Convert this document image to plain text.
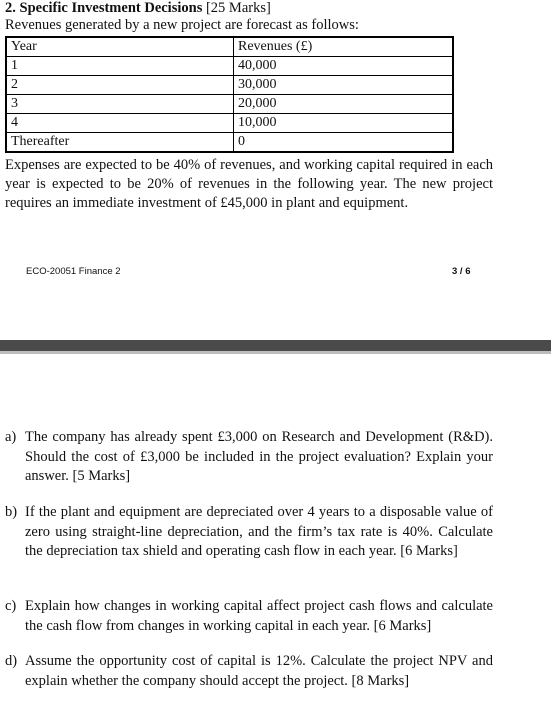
2. Specific Investment Decisions [25 Marks]
Revenues generated by a new project are forecast as follows:
Year	Revenues (£)
1	40,000
2	30,000
3	20,000
4	10,000
Thereafter	0
Expenses are expected to be 40% of revenues, and working capital required in each year is expected to be 20% of revenues in the following year. The new project requires an immediate investment of £45,000 in plant and equipment.
ECO-20051 Finance 2	3 / 6
a) The company has already spent £3,000 on Research and Development (R&D). Should the cost of £3,000 be included in the project evaluation? Explain your answer. [5 Marks]
b) If the plant and equipment are depreciated over 4 years to a disposable value of zero using straight-line depreciation, and the firm’s tax rate is 40%. Calculate the depreciation tax shield and operating cash flow in each year. [6 Marks]
c) Explain how changes in working capital affect project cash flows and calculate the cash flow from changes in working capital in each year. [6 Marks]
d) Assume the opportunity cost of capital is 12%. Calculate the project NPV and explain whether the company should accept the project. [8 Marks]
